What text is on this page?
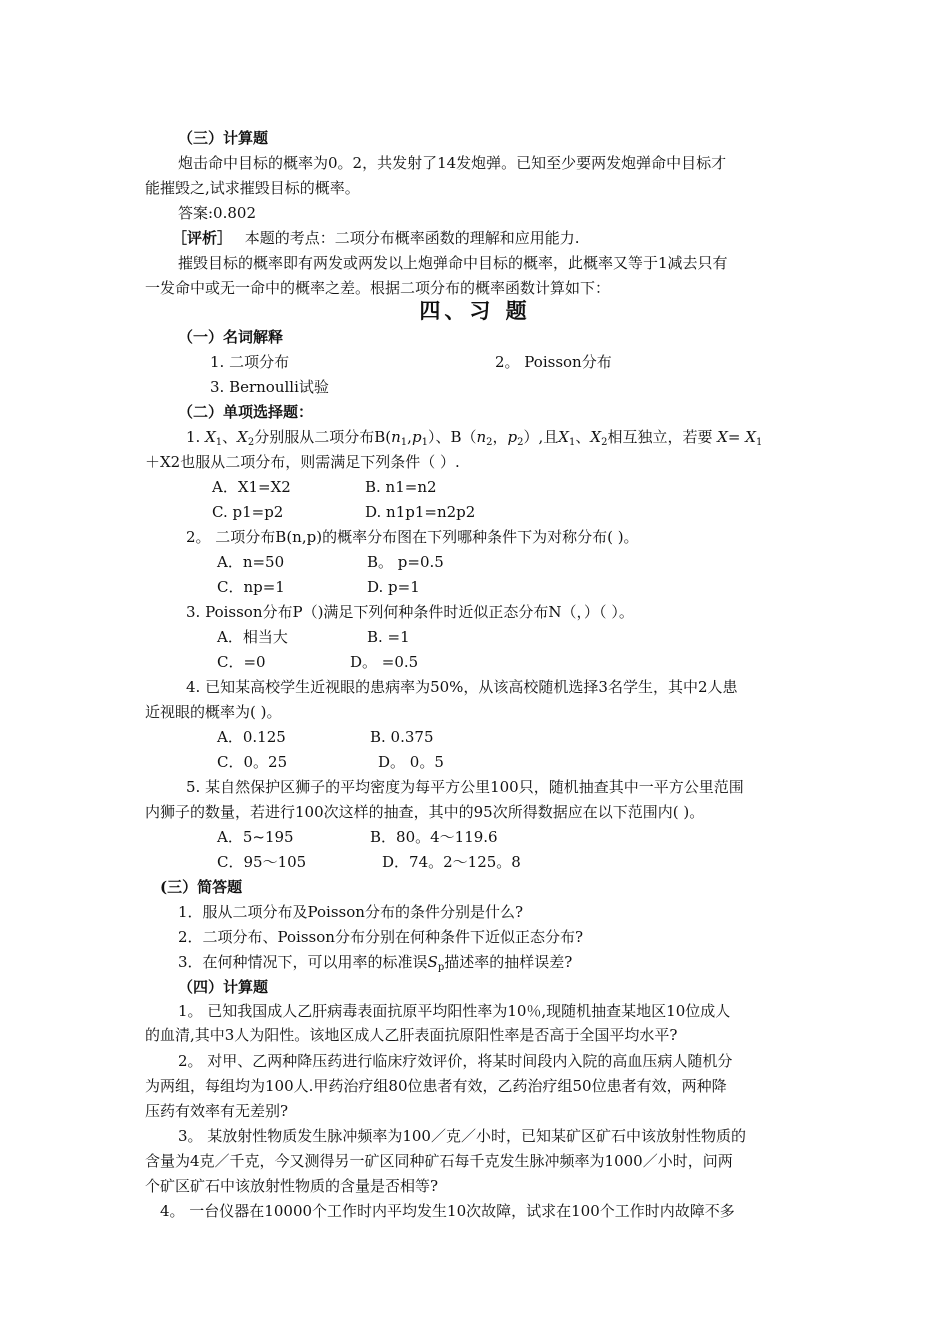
（三）计算题
炮击命中目标的概率为0。2，共发射了14发炮弹。已知至少要两发炮弹命中目标才
能摧毁之,试求摧毁目标的概率。
答案:0.802
［评析］ 本题的考点：二项分布概率函数的理解和应用能力.
摧毁目标的概率即有两发或两发以上炮弹命中目标的概率，此概率又等于1减去只有
一发命中或无一命中的概率之差。根据二项分布的概率函数计算如下：
四、习 题
（一）名词解释
1. 二项分布	2。 Poisson分布
3. Bernoulli试验
（二）单项选择题：
1. $X_1$、$X_2$分别服从二项分布$B(n_1,p_1)$、$B(n_2$，$p_2$）,且$X_1$、$X_2$相互独立，若要 $X= X_1$
＋X2也服从二项分布，则需满足下列条件（ ）.
A．X1=X2	B. n1=n2
C. p1=p2	D. n1p1=n2p2
2。 二项分布B(n,p)的概率分布图在下列哪种条件下为对称分布( )。
A．n=50	B。 p=0.5
C．np=1	D. p=1
3. Poisson分布P（)满足下列何种条件时近似正态分布N（，）（ ）。
A．相当大	B. =1
C．=0	D。 =0.5
4. 已知某高校学生近视眼的患病率为50%，从该高校随机选择3名学生，其中2人患
近视眼的概率为( )。
A．0.125	B. 0.375
C．0。25	D。 0。5
5. 某自然保护区狮子的平均密度为每平方公里100只，随机抽查其中一平方公里范围
内狮子的数量，若进行100次这样的抽查，其中的95次所得数据应在以下范围内( )。
A．5~195	B．80。4～119.6
C．95～105	D．74。2～125。8
(三）简答题
1．服从二项分布及Poisson分布的条件分别是什么?
2．二项分布、Poisson分布分别在何种条件下近似正态分布?
3．在何种情况下，可以用率的标准误$S_p$描述率的抽样误差?
（四）计算题
1。 已知我国成人乙肝病毒表面抗原平均阳性率为10％,现随机抽查某地区10位成人
的血清,其中3人为阳性。该地区成人乙肝表面抗原阳性率是否高于全国平均水平?
2。 对甲、乙两种降压药进行临床疗效评价，将某时间段内入院的高血压病人随机分
为两组，每组均为100人.甲药治疗组80位患者有效，乙药治疗组50位患者有效，两种降
压药有效率有无差别?
3。 某放射性物质发生脉冲频率为100／克／小时，已知某矿区矿石中该放射性物质的
含量为4克／千克，今又测得另一矿区同种矿石每千克发生脉冲频率为1000／小时，问两
个矿区矿石中该放射性物质的含量是否相等?
4。 一台仪器在10000个工作时内平均发生10次故障，试求在100个工作时内故障不多
